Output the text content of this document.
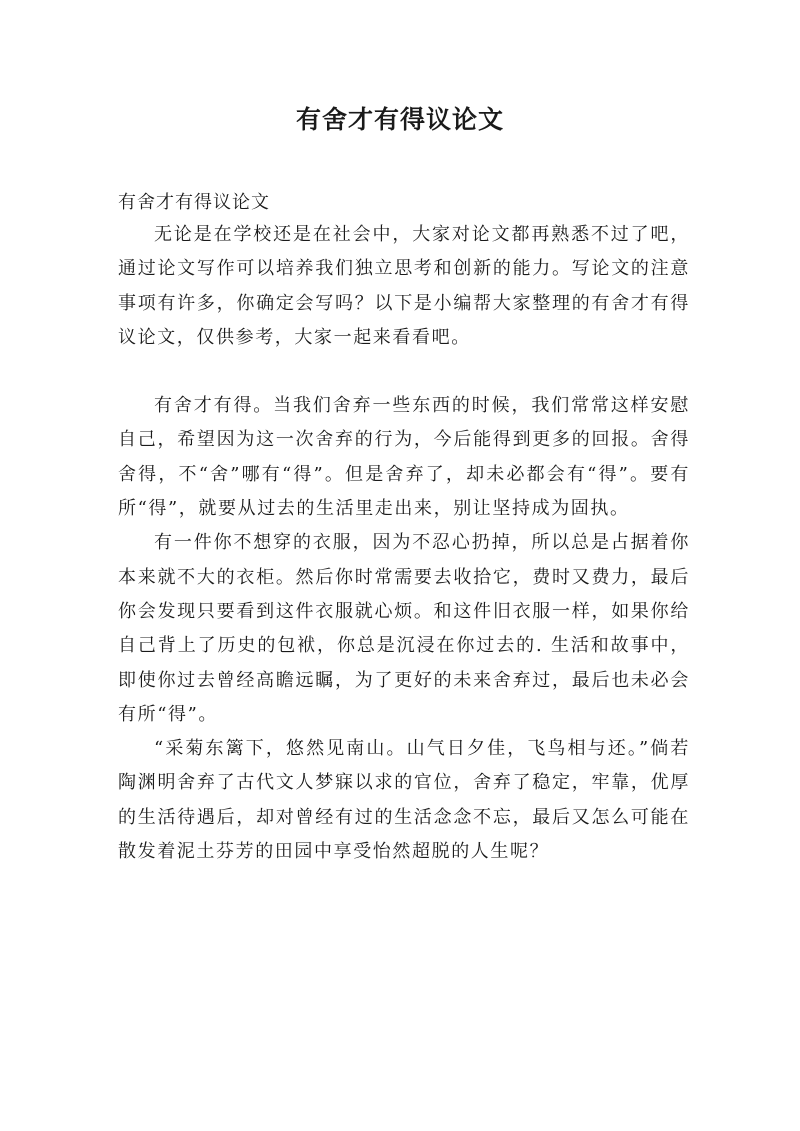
有舍才有得议论文

有舍才有得议论文

无论是在学校还是在社会中，大家对论文都再熟悉不过了吧，通过论文写作可以培养我们独立思考和创新的能力。写论文的注意事项有许多，你确定会写吗？以下是小编帮大家整理的有舍才有得议论文，仅供参考，大家一起来看看吧。

有舍才有得。当我们舍弃一些东西的时候，我们常常这样安慰自己，希望因为这一次舍弃的行为，今后能得到更多的回报。舍得舍得，不“舍”哪有“得”。但是舍弃了，却未必都会有“得”。要有所“得”，就要从过去的生活里走出来，别让坚持成为固执。

有一件你不想穿的衣服，因为不忍心扔掉，所以总是占据着你本来就不大的衣柜。然后你时常需要去收拾它，费时又费力，最后你会发现只要看到这件衣服就心烦。和这件旧衣服一样，如果你给自己背上了历史的包袱，你总是沉浸在你过去的. 生活和故事中，即使你过去曾经高瞻远瞩，为了更好的未来舍弃过，最后也未必会有所“得”。

“采菊东篱下，悠然见南山。山气日夕佳，飞鸟相与还。”倘若陶渊明舍弃了古代文人梦寐以求的官位，舍弃了稳定，牢靠，优厚的生活待遇后，却对曾经有过的生活念念不忘，最后又怎么可能在散发着泥土芬芳的田园中享受怡然超脱的人生呢？
